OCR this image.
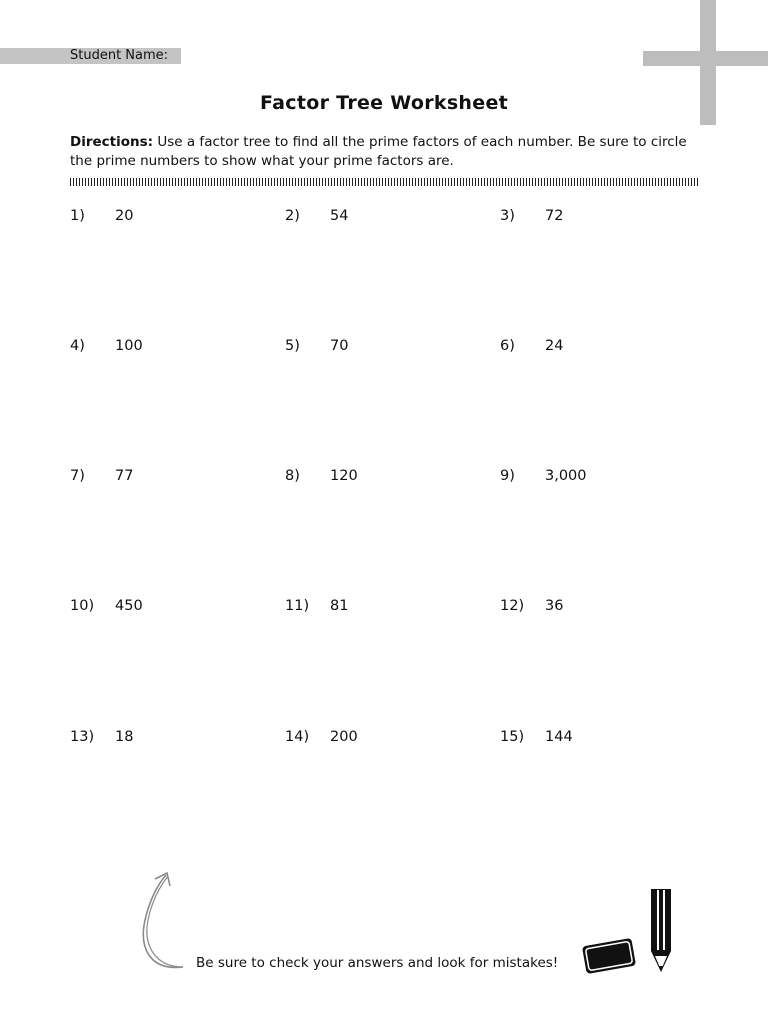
Student Name:
Factor Tree Worksheet
Directions: Use a factor tree to find all the prime factors of each number. Be sure to circle the prime numbers to show what your prime factors are.
1) 20	2) 54	3) 72
4) 100	5) 70	6) 24
7) 77	8) 120	9) 3,000
10) 450	11) 81	12) 36
13) 18	14) 200	15) 144
Be sure to check your answers and look for mistakes!
